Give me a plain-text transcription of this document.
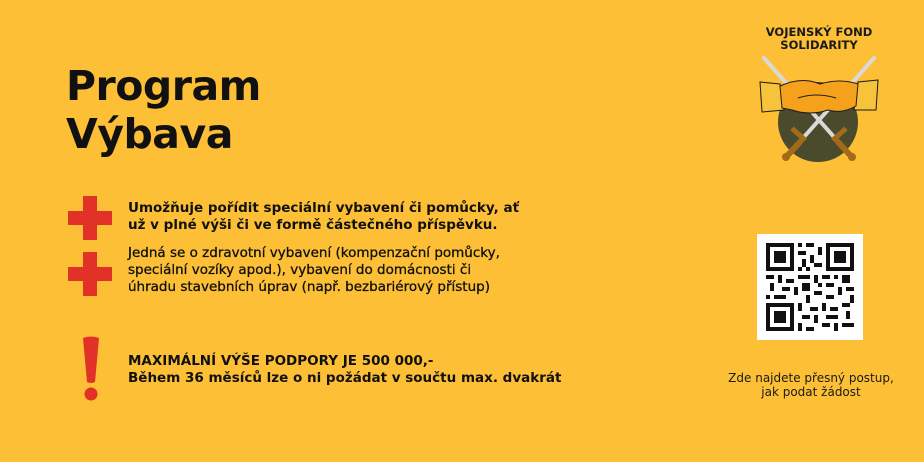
Program
Výbava
Umožňuje pořídit speciální vybavení či pomůcky, ať
už v plné výši či ve formě částečného příspěvku.
Jedná se o zdravotní vybavení (kompenzační pomůcky,
speciální vozíky apod.), vybavení do domácnosti či
úhradu stavebních úprav (např. bezbariérový přístup)
MAXIMÁLNÍ VÝŠE PODPORY JE 500 000,-
Během 36 měsíců lze o ni požádat v součtu max. dvakrát
VOJENSKÝ FOND
SOLIDARITY
Zde najdete přesný postup,
jak podat žádost
